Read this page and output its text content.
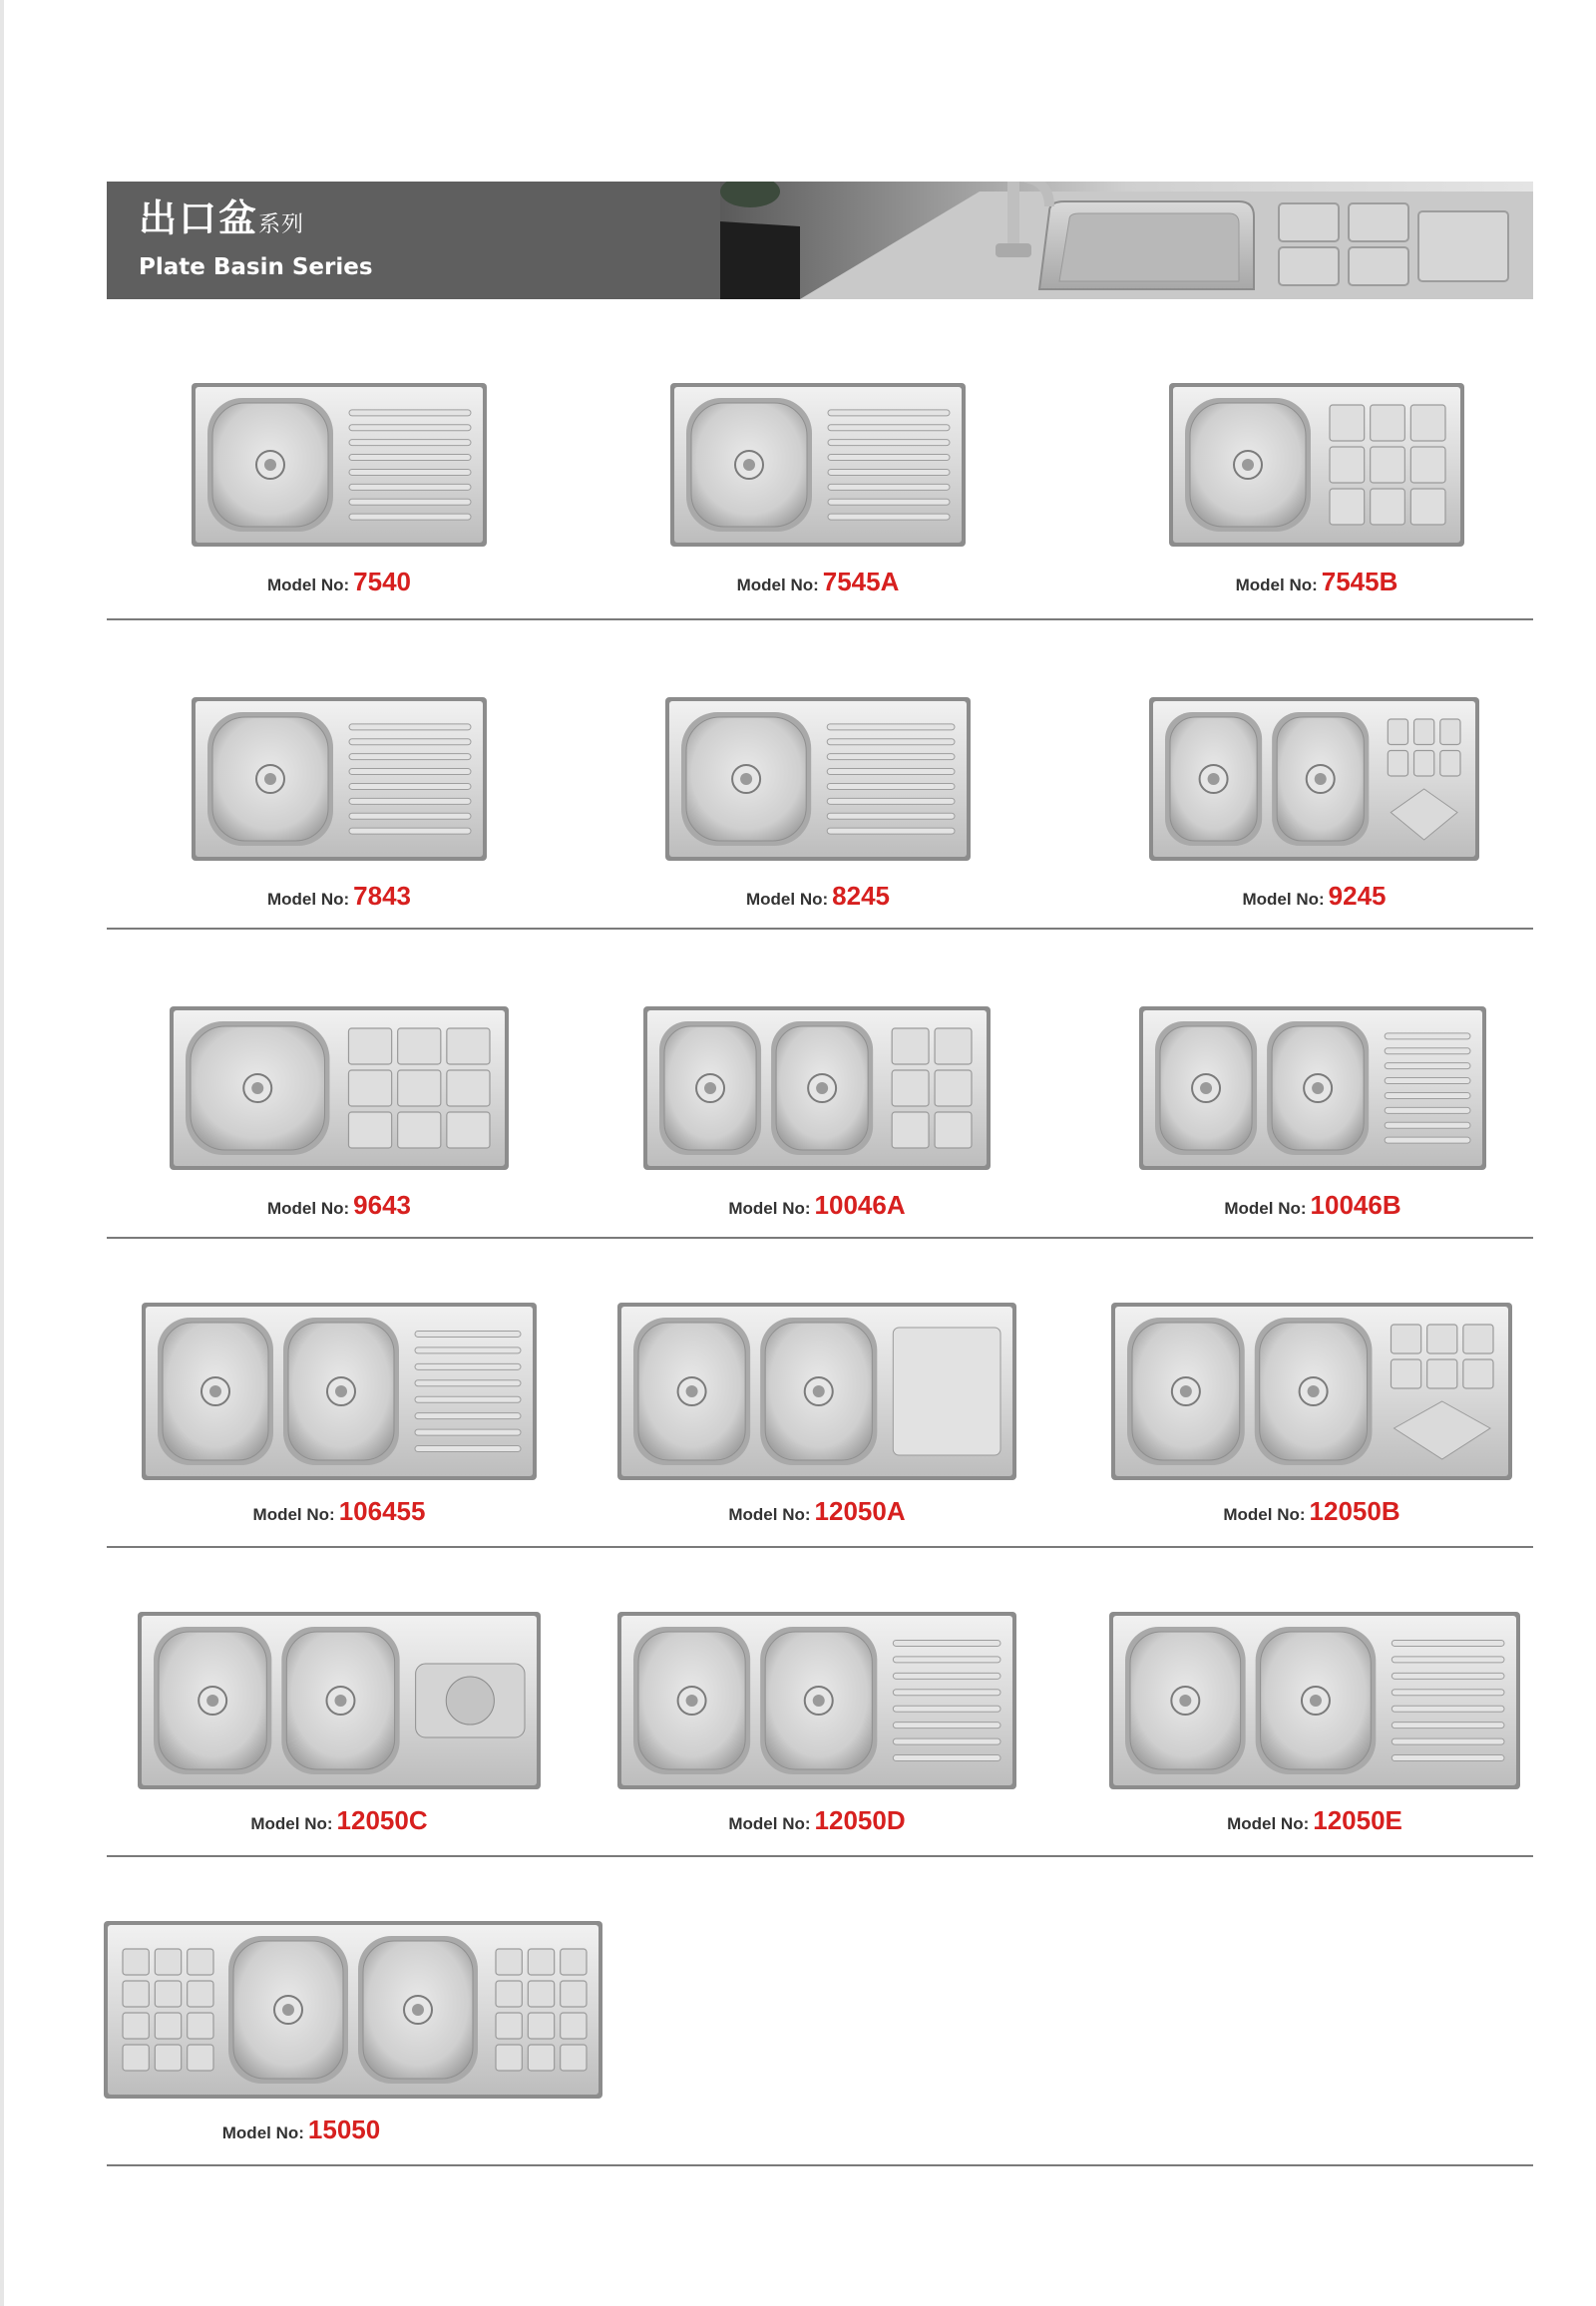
出口盆系列
Plate Basin Series
Model No: 7540	Model No: 7545A	Model No: 7545B
Model No: 7843	Model No: 8245	Model No: 9245
Model No: 9643	Model No: 10046A	Model No: 10046B
Model No: 106455	Model No: 12050A	Model No: 12050B
Model No: 12050C	Model No: 12050D	Model No: 12050E
Model No: 15050
